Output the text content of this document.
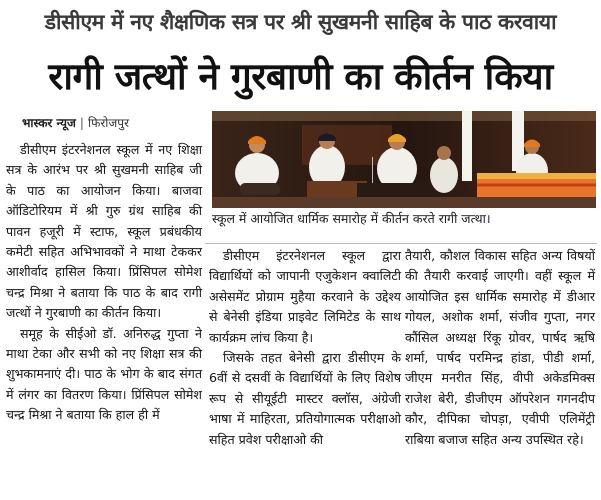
डीसीएम में नए शैक्षणिक सत्र पर श्री सुखमनी साहिब के पाठ करवाया
रागी जत्थों ने गुरबाणी का कीर्तन किया
भास्कर न्यूज | फिरोजपुर

डीसीएम इंटरनेशनल स्कूल में नए शिक्षा सत्र के आरंभ पर श्री सुखमनी साहिब जी के पाठ का आयोजन किया। बाजवा ऑडिटोरियम में श्री गुरु ग्रंथ साहिब की पावन हजूरी में स्टाफ, स्कूल प्रबंधकीय कमेटी सहित अभिभावकों ने माथा टेककर आशीर्वाद हासिल किया। प्रिंसिपल सोमेश चन्द्र मिश्रा ने बताया कि पाठ के बाद रागी जत्थों ने गुरबाणी का कीर्तन किया।

समूह के सीईओ डॉ. अनिरुद्ध गुप्ता ने माथा टेका और सभी को नए शिक्षा सत्र की शुभकामनाएं दी। पाठ के भोग के बाद संगत में लंगर का वितरण किया। प्रिंसिपल सोमेश चन्द्र मिश्रा ने बताया कि हाल ही में

स्कूल में आयोजित धार्मिक समारोह में कीर्तन करते रागी जत्था।

डीसीएम इंटरनेशनल स्कूल द्वारा विद्यार्थियों को जापानी एजुकेशन क्वालिटी असेसमेंट प्रोग्राम मुहैया करवाने के उद्देश्य से बेनेसी इंडिया प्राइवेट लिमिटेड के साथ कार्यक्रम लांच किया है।

जिसके तहत बेनेसी द्वारा डीसीएम के 6वीं से दसवीं के विद्यार्थियों के लिए विशेष रूप से सीयूईटी मास्टर क्लॉस, अंग्रेजी भाषा में माहिरता, प्रतियोगात्मक परीक्षाओ सहित प्रवेश परीक्षाओ की

तैयारी, कौशल विकास सहित अन्य विषयों की तैयारी करवाई जाएगी। वहीं स्कूल में आयोजित इस धार्मिक समारोह में डीआर गोयल, अशोक शर्मा, संजीव गुप्ता, नगर कौंसिल अध्यक्ष रिंकू ग्रोवर, पार्षद ऋषि शर्मा, पार्षद परमिन्द्र हांडा, पीडी शर्मा, जीएम मनरीत सिंह, वीपी अकेडमिक्स राजेश बेरी, डीजीएम ऑपरेशन गगनदीप कौर, दीपिका चोपड़ा, एवीपी एलिमेंट्री राबिया बजाज सहित अन्य उपस्थित रहे।
